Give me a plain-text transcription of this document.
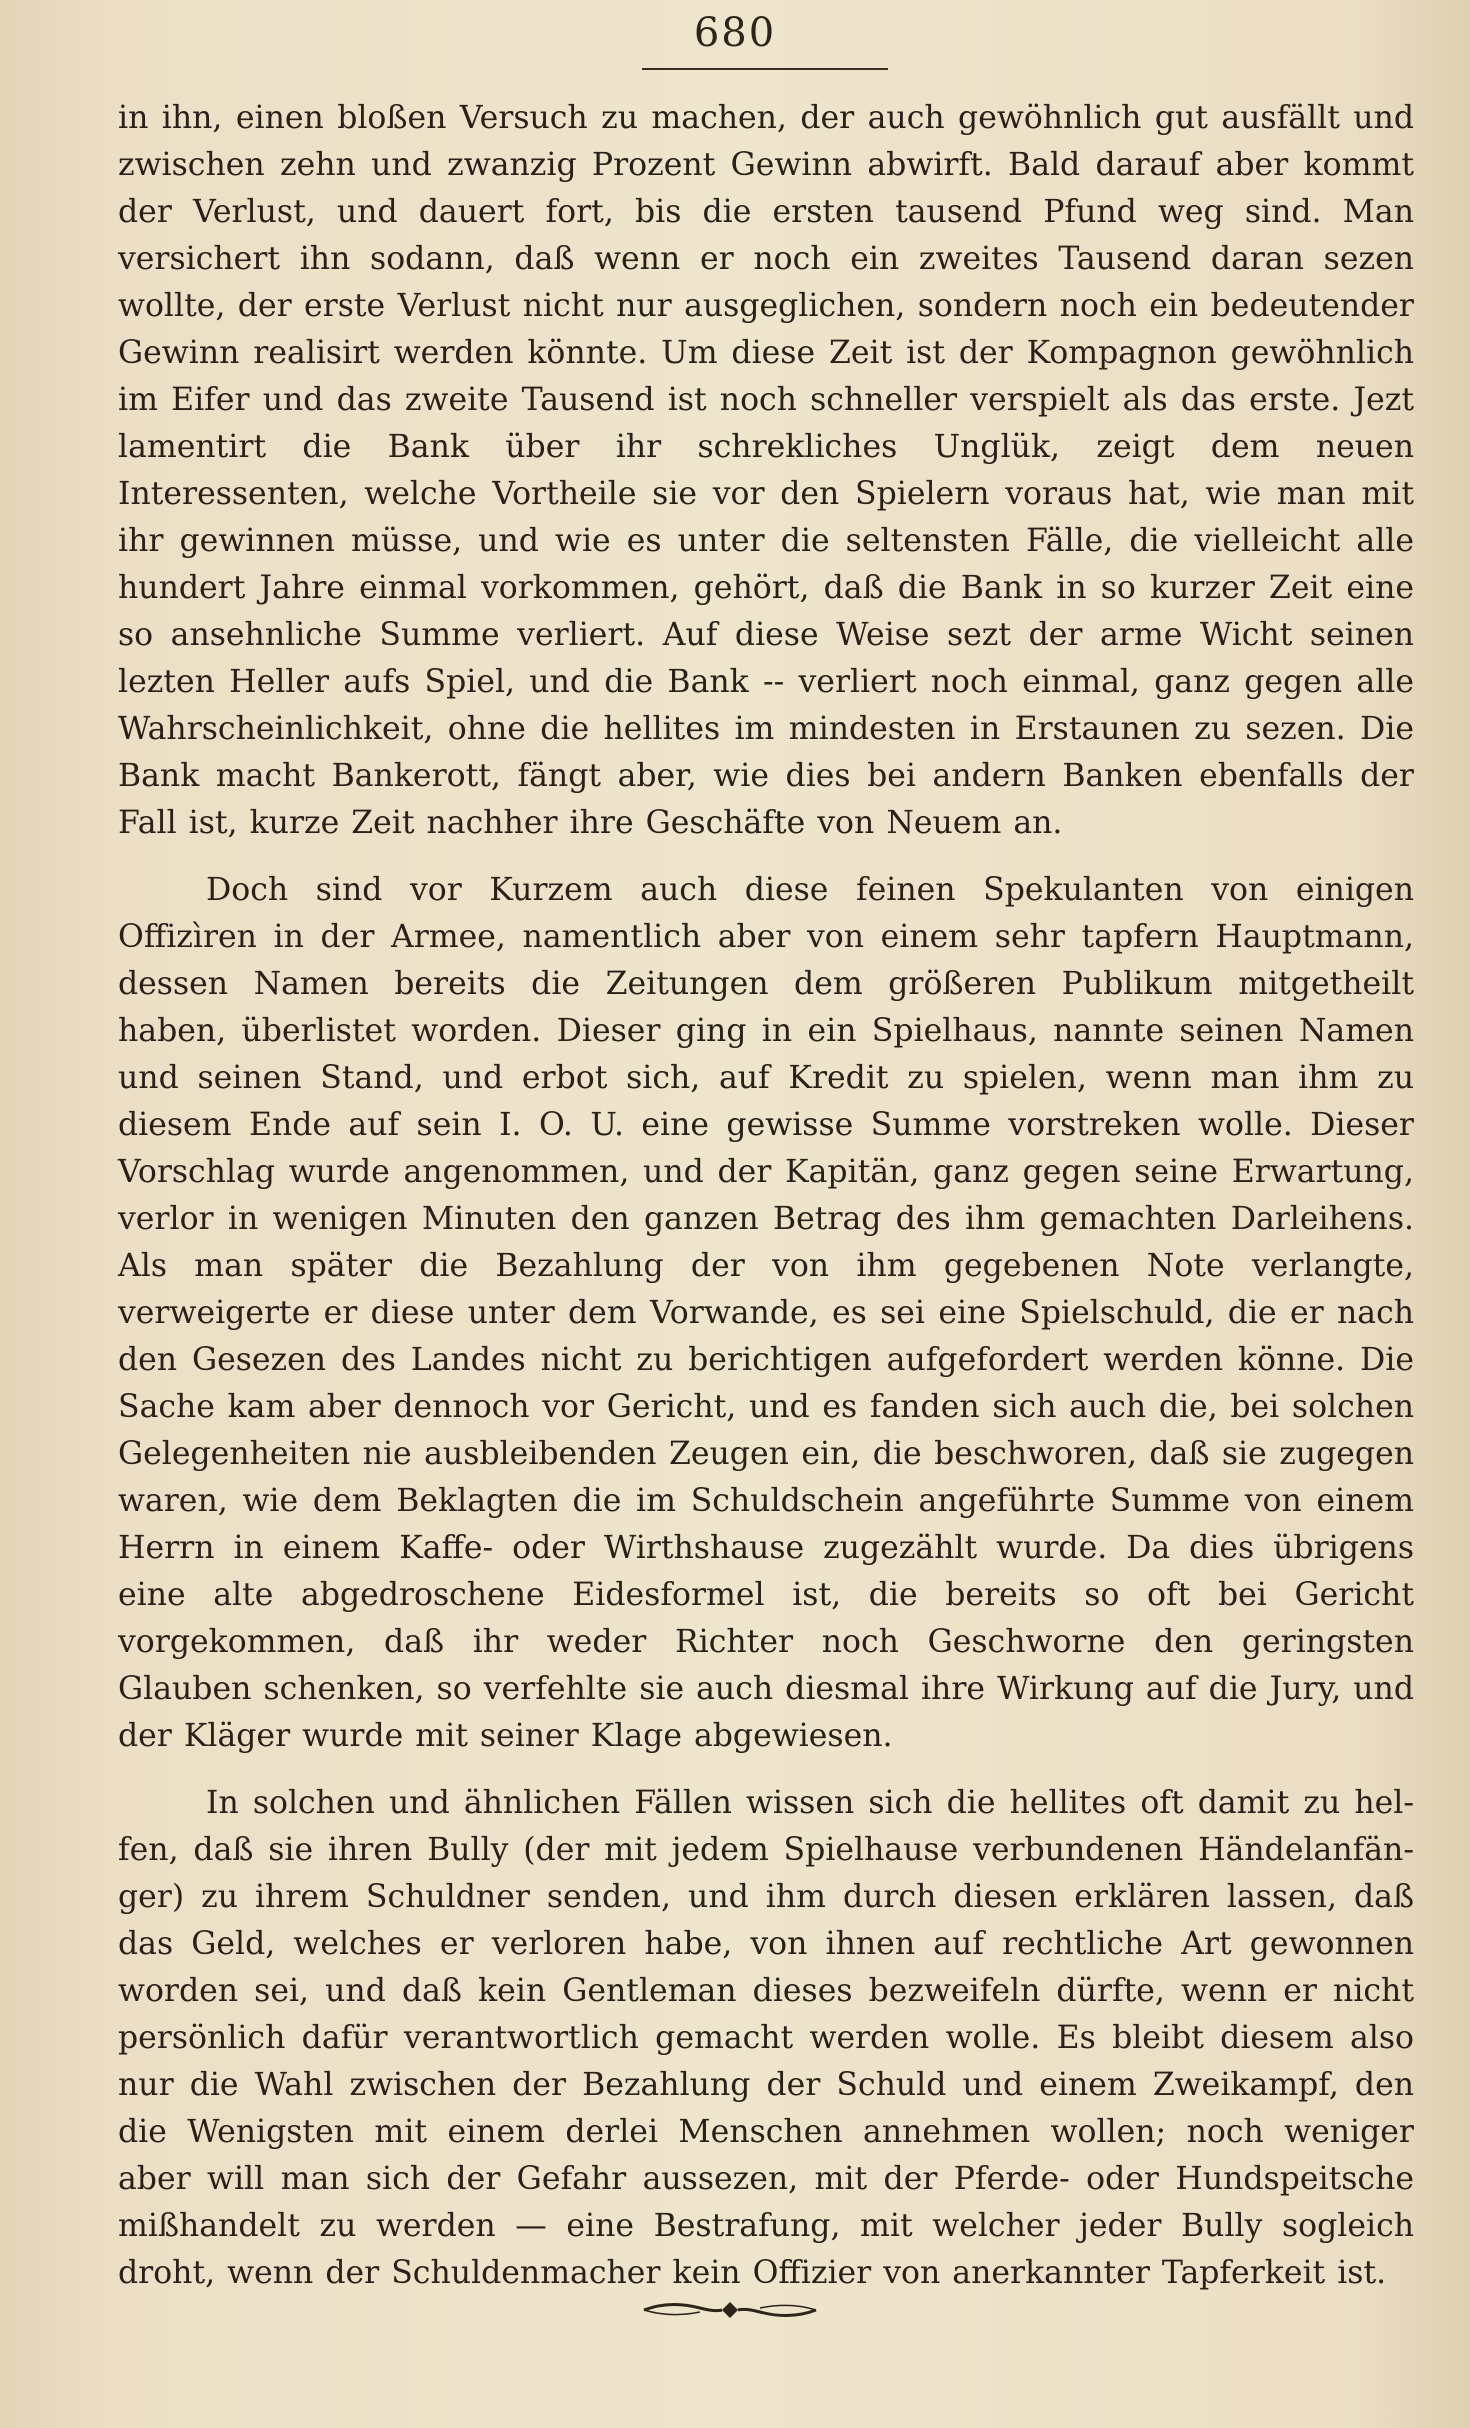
680

in ihn, einen bloßen Versuch zu machen, der auch gewöhnlich gut ausfällt und zwischen zehn und zwanzig Prozent Gewinn abwirft. Bald darauf aber kommt der Verlust, und dauert fort, bis die ersten tausend Pfund weg sind. Man versichert ihn sodann, daß wenn er noch ein zweites Tausend daran sezen wollte, der erste Verlust nicht nur ausgeglichen, sondern noch ein bedeutender Gewinn realisirt werden könnte. Um diese Zeit ist der Kompagnon gewöhnlich im Eifer und das zweite Tausend ist noch schneller verspielt als das erste. Jezt lamentirt die Bank über ihr schrekliches Unglük, zeigt dem neuen Interessenten, welche Vortheile sie vor den Spielern voraus hat, wie man mit ihr gewinnen müsse, und wie es unter die seltensten Fälle, die vielleicht alle hundert Jahre einmal vorkommen, gehört, daß die Bank in so kurzer Zeit eine so ansehnliche Summe verliert. Auf diese Weise sezt der arme Wicht seinen lezten Heller aufs Spiel, und die Bank -- verliert noch einmal, ganz gegen alle Wahrscheinlichkeit, ohne die hellites im mindesten in Erstaunen zu sezen. Die Bank macht Bankerott, fängt aber, wie dies bei andern Banken ebenfalls der Fall ist, kurze Zeit nachher ihre Geschäfte von Neuem an.

Doch sind vor Kurzem auch diese feinen Spekulanten von einigen Offizìren in der Armee, namentlich aber von einem sehr tapfern Hauptmann, dessen Namen bereits die Zeitungen dem größeren Publikum mitgetheilt haben, überlistet worden. Dieser ging in ein Spielhaus, nannte seinen Namen und seinen Stand, und erbot sich, auf Kredit zu spielen, wenn man ihm zu diesem Ende auf sein I. O. U. eine gewisse Summe vorstreken wolle. Dieser Vorschlag wurde angenommen, und der Kapitän, ganz gegen seine Erwartung, verlor in wenigen Minuten den ganzen Betrag des ihm gemachten Darleihens. Als man später die Bezahlung der von ihm gegebenen Note verlangte, verweigerte er diese unter dem Vorwande, es sei eine Spielschuld, die er nach den Gesezen des Landes nicht zu berichtigen aufgefordert werden könne. Die Sache kam aber dennoch vor Gericht, und es fanden sich auch die, bei solchen Gelegenheiten nie ausbleibenden Zeugen ein, die beschworen, daß sie zugegen waren, wie dem Beklagten die im Schuldschein angeführte Summe von einem Herrn in einem Kaffe- oder Wirthshause zugezählt wurde. Da dies übrigens eine alte abgedroschene Eidesformel ist, die bereits so oft bei Gericht vorgekommen, daß ihr weder Richter noch Geschworne den geringsten Glauben schenken, so verfehlte sie auch diesmal ihre Wirkung auf die Jury, und der Kläger wurde mit seiner Klage abgewiesen.

In solchen und ähnlichen Fällen wissen sich die hellites oft damit zu helfen, daß sie ihren Bully (der mit jedem Spielhause verbundenen Händelanfänger) zu ihrem Schuldner senden, und ihm durch diesen erklären lassen, daß das Geld, welches er verloren habe, von ihnen auf rechtliche Art gewonnen worden sei, und daß kein Gentleman dieses bezweifeln dürfte, wenn er nicht persönlich dafür verantwortlich gemacht werden wolle. Es bleibt diesem also nur die Wahl zwischen der Bezahlung der Schuld und einem Zweikampf, den die Wenigsten mit einem derlei Menschen annehmen wollen; noch weniger aber will man sich der Gefahr aussezen, mit der Pferde- oder Hundspeitsche mißhandelt zu werden — eine Bestrafung, mit welcher jeder Bully sogleich droht, wenn der Schuldenmacher kein Offizier von anerkannter Tapferkeit ist.
